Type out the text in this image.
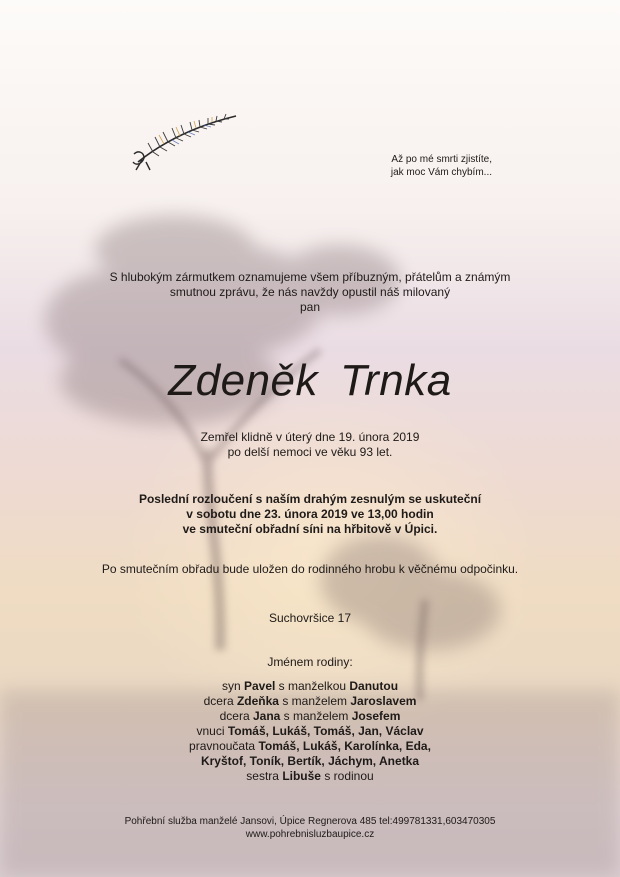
Až po mé smrti zjistíte,
jak moc Vám chybím...
S hlubokým zármutkem oznamujeme všem příbuzným, přátelům a známým
smutnou zprávu, že nás navždy opustil náš milovaný
pan
Zdeněk Trnka
Zemřel klidně v úterý dne 19. února 2019
po delší nemoci ve věku 93 let.
Poslední rozloučení s naším drahým zesnulým se uskuteční
v sobotu dne 23. února 2019 ve 13,00 hodin
ve smuteční obřadní síni na hřbitově v Úpici.
Po smutečním obřadu bude uložen do rodinného hrobu k věčnému odpočinku.
Suchovršice 17
Jménem rodiny:
syn Pavel s manželkou Danutou
dcera Zdeňka s manželem Jaroslavem
dcera Jana s manželem Josefem
vnuci Tomáš, Lukáš, Tomáš, Jan, Václav
pravnoučata Tomáš, Lukáš, Karolínka, Eda,
Kryštof, Toník, Bertík, Jáchym, Anetka
sestra Libuše s rodinou
Pohřební služba manželé Jansovi, Úpice Regnerova 485 tel:499781331,603470305
www.pohrebnisluzbaupice.cz
